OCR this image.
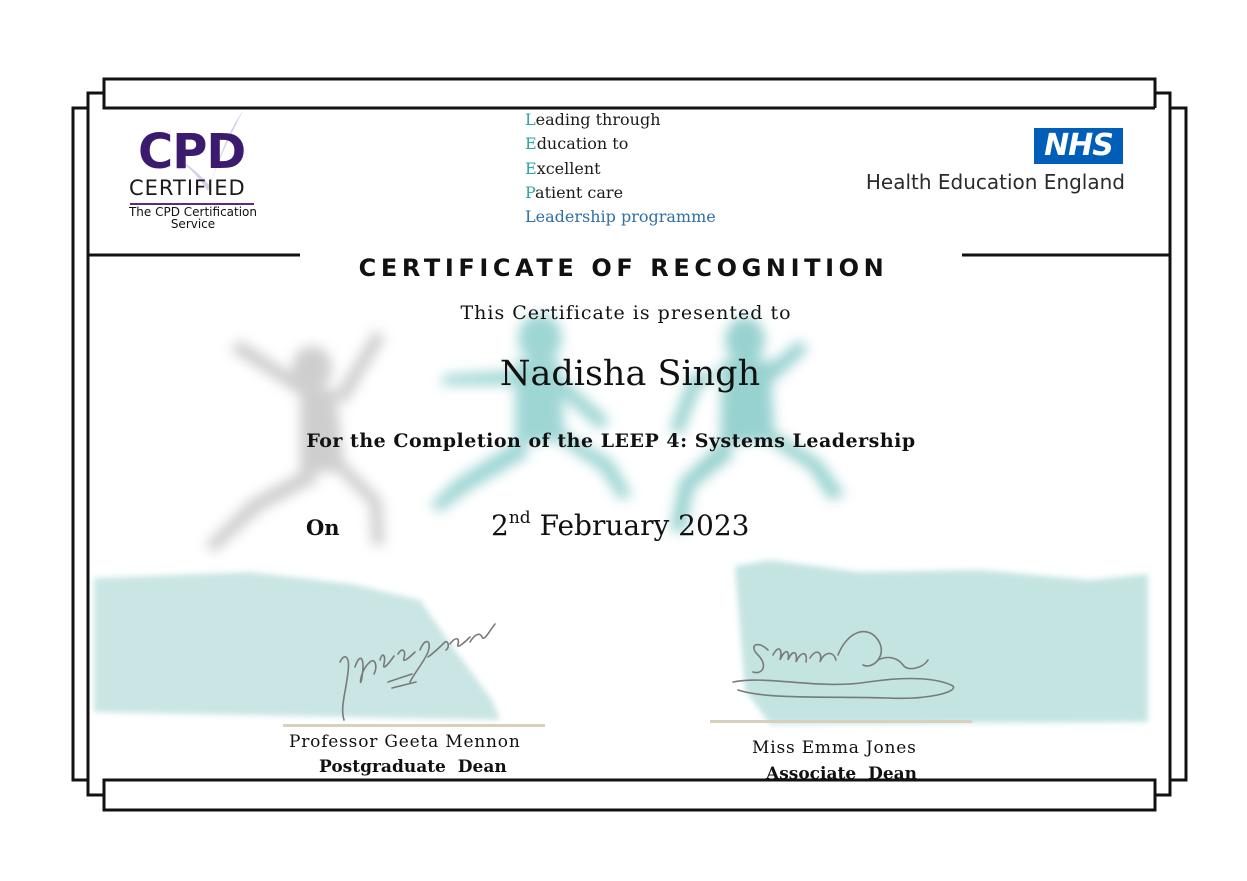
CPD
CERTIFIED
The CPD Certification
Service
Leading through
Education to
Excellent
Patient care
Leadership programme
NHS
Health Education England
CERTIFICATE OF RECOGNITION
This Certificate is presented to
Nadisha Singh
For the Completion of the LEEP 4: Systems Leadership
On	2nd February 2023
Professor Geeta Mennon
Postgraduate Dean
Miss Emma Jones
Associate Dean
